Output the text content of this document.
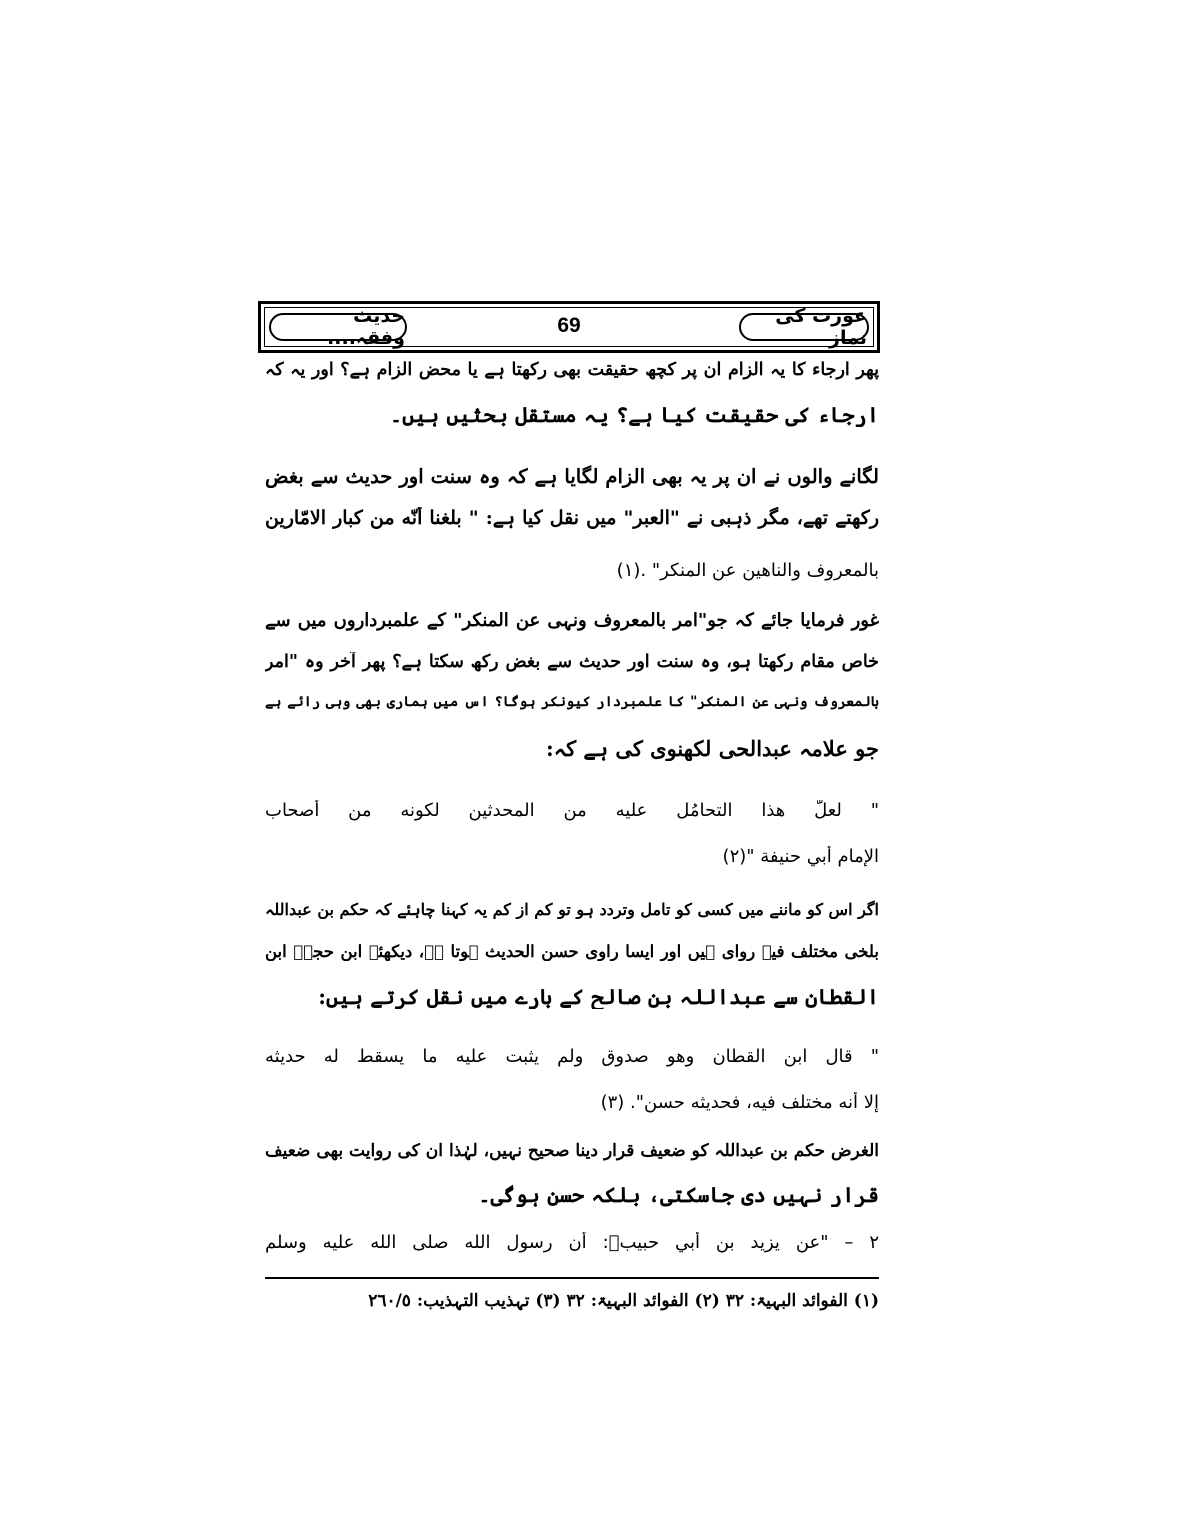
عورت کی نماز
69
حدیث وفقہ....
پھر ارجاء کا یہ الزام ان پر کچھ حقیقت بھی رکھتا ہے یا محض الزام ہے؟ اور یہ کہ
ارجاء کی حقیقت کیا ہے؟ یہ مستقل بحثیں ہیں۔
لگانے والوں نے ان پر یہ بھی الزام لگایا ہے کہ وہ سنت اور حدیث سے بغض
رکھتے تھے، مگر ذہبی نے "العبر" میں نقل کیا ہے: " بلغنا أنّه من كبار الامّارين
بالمعروف والناهين عن المنكر" .(١)
غور فرمایا جائے کہ جو"امر بالمعروف ونہی عن المنکر" کے علمبرداروں میں سے
خاص مقام رکھتا ہو، وہ سنت اور حدیث سے بغض رکھ سکتا ہے؟ پھر آخر وہ "امر
بالمعروف ونہی عن المنکر" کا علمبردار کیونکر ہوگا؟ اس میں ہماری بھی وہی رائے ہے
جو علامہ عبدالحی لکھنوی کی ہے کہ:
" لعلّ هذا التحامُل عليه من المحدثين لكونه من أصحاب
الإمام أبي حنيفة "(٢)
اگر اس کو ماننے میں کسی کو تامل وتردد ہو تو کم از کم یہ کہنا چاہئے کہ حکم بن عبداللہ
بلخی مختلف فیہ روای ہیں اور ایسا راوی حسن الحدیث ہوتا ہے، دیکھئے ابن حجرؒ ابن
القطان سے عبداللہ بن صالح کے بارے میں نقل کرتے ہیں:
" قال ابن القطان وهو صدوق ولم يثبت عليه ما يسقط له حديثه
إلا أنه مختلف فيه، فحديثه حسن". (٣)
الغرض حکم بن عبداللہ کو ضعیف قرار دینا صحیح نہیں، لہٰذا ان کی روایت بھی ضعیف
قرار نہیں دی جاسکتی، بلکہ حسن ہوگی۔
٢ – "عن يزيد بن أبي حبيبؒ: أن رسول الله صلى الله عليه وسلم
(١) الفوائد البہیۃ: ٣٢ (٢) الفوائد البہیۃ: ٣٢ (٣) تہذیب التہذیب: ٢٦٠/٥
